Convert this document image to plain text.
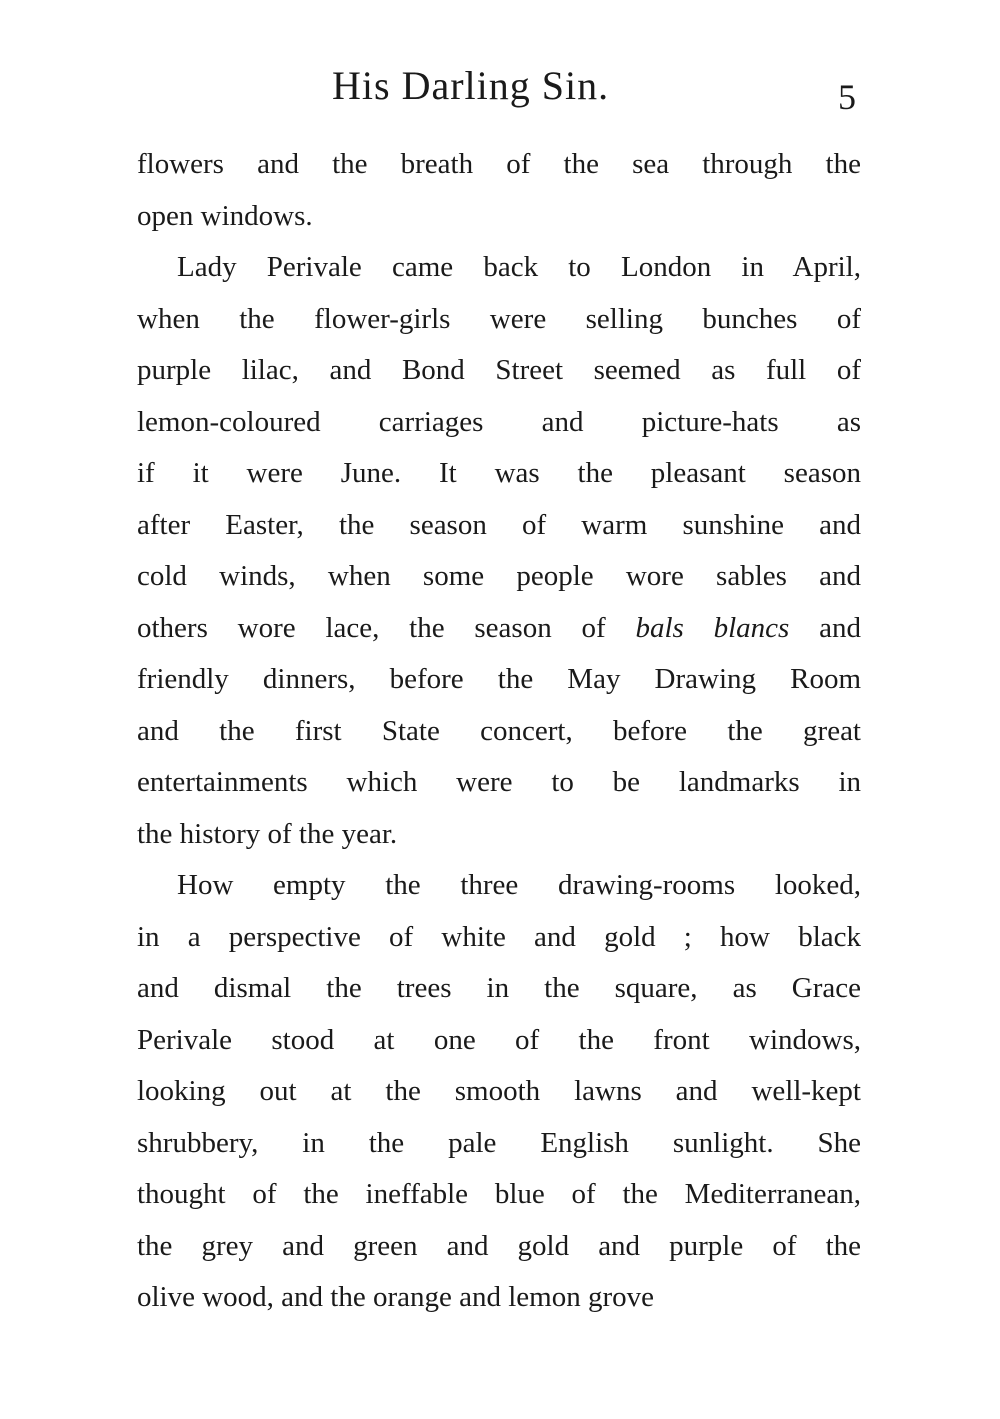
His Darling Sin.	5
flowers and the breath of the sea through the
open windows.
Lady Perivale came back to London in April,
when the flower-girls were selling bunches of
purple lilac, and Bond Street seemed as full of
lemon-coloured carriages and picture-hats as
if it were June. It was the pleasant season
after Easter, the season of warm sunshine and
cold winds, when some people wore sables and
others wore lace, the season of bals blancs and
friendly dinners, before the May Drawing Room
and the first State concert, before the great
entertainments which were to be landmarks in
the history of the year.
How empty the three drawing-rooms looked,
in a perspective of white and gold ; how black
and dismal the trees in the square, as Grace
Perivale stood at one of the front windows,
looking out at the smooth lawns and well-kept
shrubbery, in the pale English sunlight. She
thought of the ineffable blue of the Mediterranean,
the grey and green and gold and purple of the
olive wood, and the orange and lemon grove
